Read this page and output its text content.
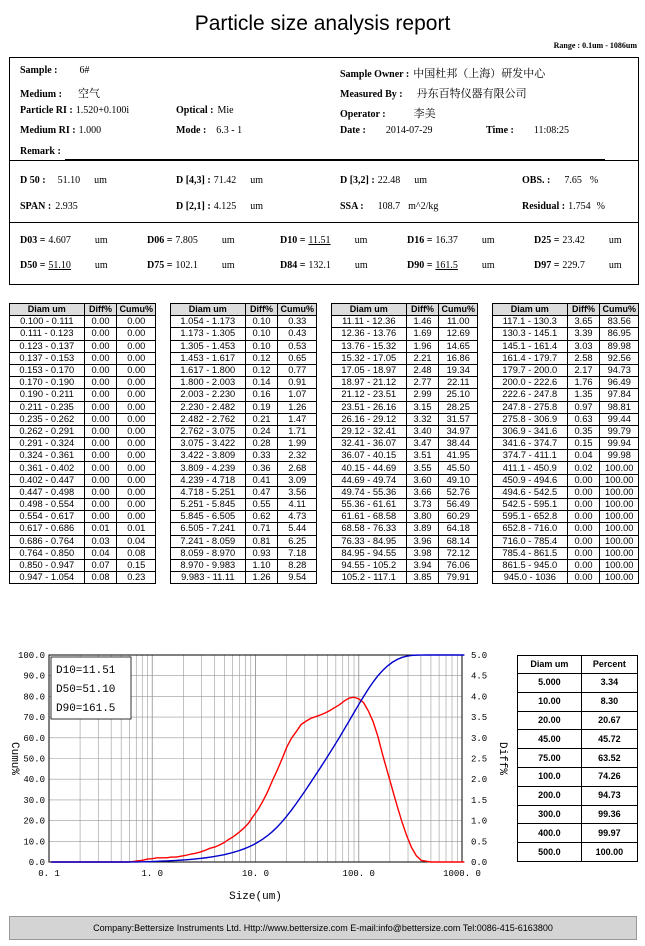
Particle size analysis report
Range : 0.1um - 1086um
Sample : 6#
Medium : 空气
Particle RI : 1.520+0.100i
Medium RI : 1.000
Remark :
Optical : Mie
Mode : 6.3 - 1
Sample Owner : 中国杜邦（上海）研发中心
Measured By : 丹东百特仪器有限公司
Operator :	李美
Date : 2014-07-29	Time : 11:08:25
D 50 : 51.10 um	D [4,3] : 71.42 um	D [3,2] : 22.48 um	OBS. : 7.65 %
SPAN : 2.935	D [2,1] : 4.125 um	SSA : 108.7 m^2/kg	Residual : 1.754 %
D03 = 4.607 um	D06 = 7.805 um	D10 = 11.51 um	D16 = 16.37 um	D25 = 23.42 um
D50 = 51.10 um	D75 = 102.1 um	D84 = 132.1 um	D90 = 161.5 um	D97 = 229.7 um
Diam um	Diff%	Cumu%
0.100 - 0.111	0.00	0.00
0.111 - 0.123	0.00	0.00
0.123 - 0.137	0.00	0.00
0.137 - 0.153	0.00	0.00
0.153 - 0.170	0.00	0.00
0.170 - 0.190	0.00	0.00
0.190 - 0.211	0.00	0.00
0.211 - 0.235	0.00	0.00
0.235 - 0.262	0.00	0.00
0.262 - 0.291	0.00	0.00
0.291 - 0.324	0.00	0.00
0.324 - 0.361	0.00	0.00
0.361 - 0.402	0.00	0.00
0.402 - 0.447	0.00	0.00
0.447 - 0.498	0.00	0.00
0.498 - 0.554	0.00	0.00
0.554 - 0.617	0.00	0.00
0.617 - 0.686	0.01	0.01
0.686 - 0.764	0.03	0.04
0.764 - 0.850	0.04	0.08
0.850 - 0.947	0.07	0.15
0.947 - 1.054	0.08	0.23
Diam um	Diff%	Cumu%
1.054 - 1.173	0.10	0.33
1.173 - 1.305	0.10	0.43
1.305 - 1.453	0.10	0.53
1.453 - 1.617	0.12	0.65
1.617 - 1.800	0.12	0.77
1.800 - 2.003	0.14	0.91
2.003 - 2.230	0.16	1.07
2.230 - 2.482	0.19	1.26
2.482 - 2.762	0.21	1.47
2.762 - 3.075	0.24	1.71
3.075 - 3.422	0.28	1.99
3.422 - 3.809	0.33	2.32
3.809 - 4.239	0.36	2.68
4.239 - 4.718	0.41	3.09
4.718 - 5.251	0.47	3.56
5.251 - 5.845	0.55	4.11
5.845 - 6.505	0.62	4.73
6.505 - 7.241	0.71	5.44
7.241 - 8.059	0.81	6.25
8.059 - 8.970	0.93	7.18
8.970 - 9.983	1.10	8.28
9.983 - 11.11	1.26	9.54
Diam um	Diff%	Cumu%
11.11 - 12.36	1.46	11.00
12.36 - 13.76	1.69	12.69
13.76 - 15.32	1.96	14.65
15.32 - 17.05	2.21	16.86
17.05 - 18.97	2.48	19.34
18.97 - 21.12	2.77	22.11
21.12 - 23.51	2.99	25.10
23.51 - 26.16	3.15	28.25
26.16 - 29.12	3.32	31.57
29.12 - 32.41	3.40	34.97
32.41 - 36.07	3.47	38.44
36.07 - 40.15	3.51	41.95
40.15 - 44.69	3.55	45.50
44.69 - 49.74	3.60	49.10
49.74 - 55.36	3.66	52.76
55.36 - 61.61	3.73	56.49
61.61 - 68.58	3.80	60.29
68.58 - 76.33	3.89	64.18
76.33 - 84.95	3.96	68.14
84.95 - 94.55	3.98	72.12
94.55 - 105.2	3.94	76.06
105.2 - 117.1	3.85	79.91
Diam um	Diff%	Cumu%
117.1 - 130.3	3.65	83.56
130.3 - 145.1	3.39	86.95
145.1 - 161.4	3.03	89.98
161.4 - 179.7	2.58	92.56
179.7 - 200.0	2.17	94.73
200.0 - 222.6	1.76	96.49
222.6 - 247.8	1.35	97.84
247.8 - 275.8	0.97	98.81
275.8 - 306.9	0.63	99.44
306.9 - 341.6	0.35	99.79
341.6 - 374.7	0.15	99.94
374.7 - 411.1	0.04	99.98
411.1 - 450.9	0.02	100.00
450.9 - 494.6	0.00	100.00
494.6 - 542.5	0.00	100.00
542.5 - 595.1	0.00	100.00
595.1 - 652.8	0.00	100.00
652.8 - 716.0	0.00	100.00
716.0 - 785.4	0.00	100.00
785.4 - 861.5	0.00	100.00
861.5 - 945.0	0.00	100.00
945.0 - 1036	0.00	100.00
0.0
10.0
20.0
30.0
40.0
50.0
60.0
70.0
80.0
90.0
100.0
0.0
0.5
1.0
1.5
2.0
2.5
3.0
3.5
4.0
4.5
5.0
0. 1	1. 0	10. 0	100. 0	1000. 0
Size(um)
Cumu%	Diff%
D10=11.51
D50=51.10
D90=161.5
Diam um	Percent
5.000	3.34
10.00	8.30
20.00	20.67
45.00	45.72
75.00	63.52
100.0	74.26
200.0	94.73
300.0	99.36
400.0	99.97
500.0	100.00
Company:Bettersize Instruments Ltd. Http://www.bettersize.com E-mail:info@bettersize.com Tel:0086-415-6163800
